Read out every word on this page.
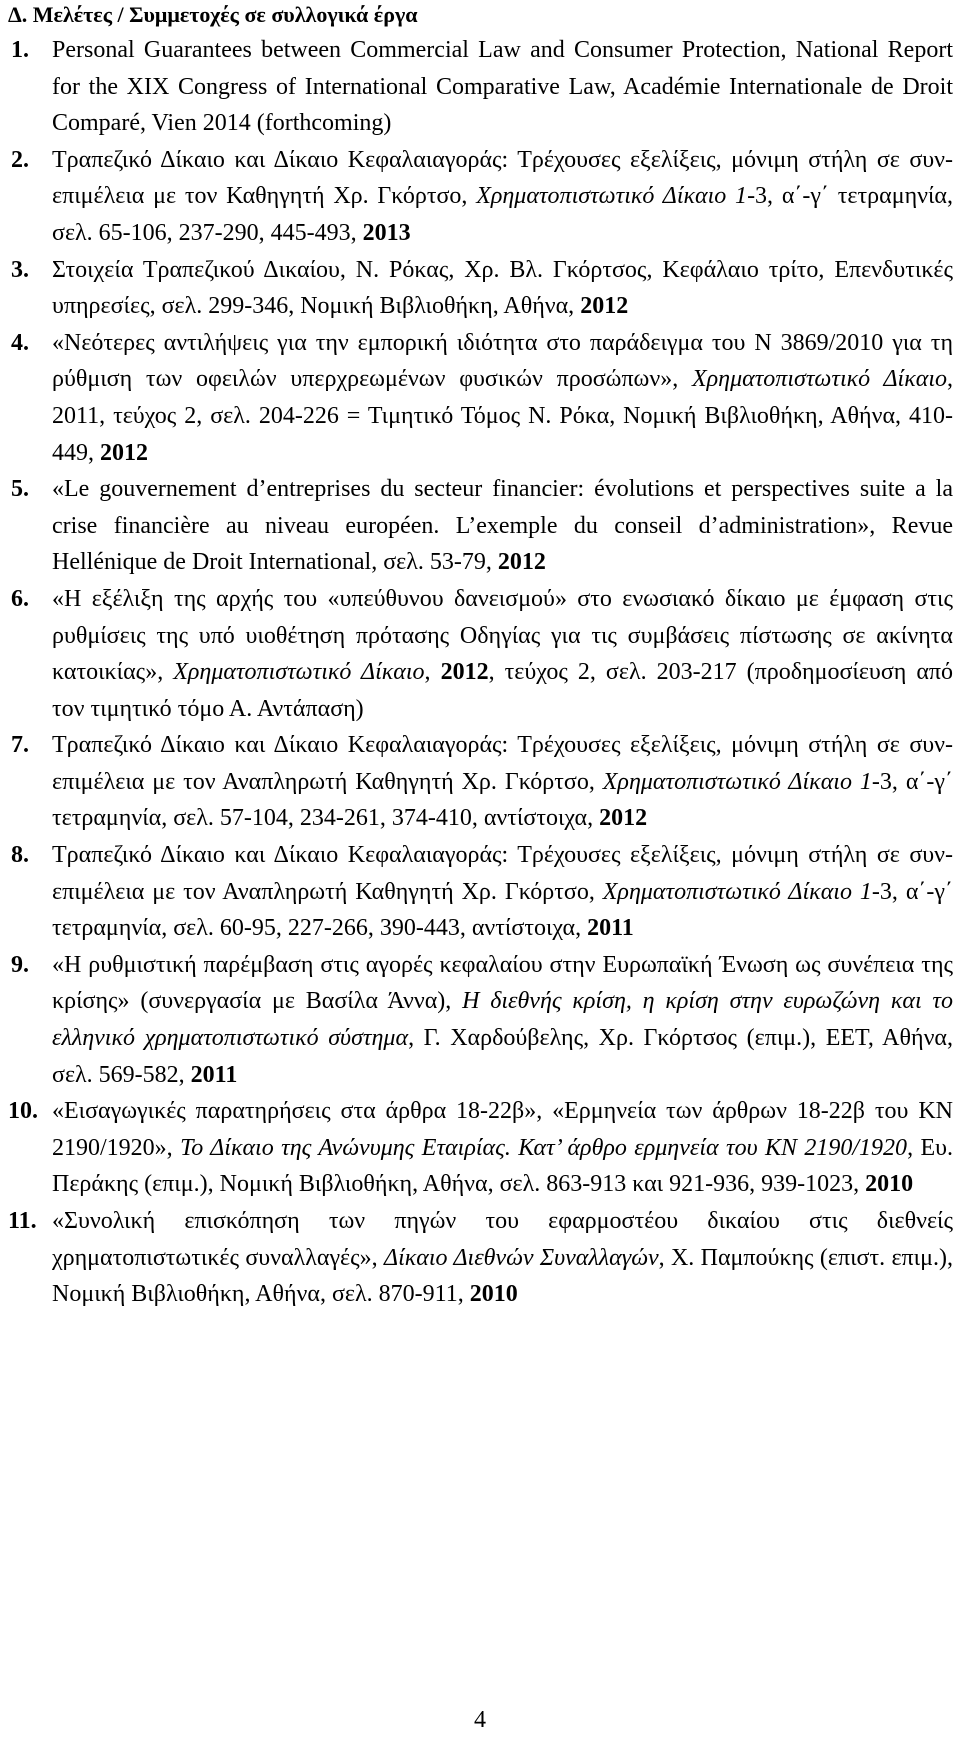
Δ. Μελέτες / Συμμετοχές σε συλλογικά έργα
1. Personal Guarantees between Commercial Law and Consumer Protection, National Report for the XIX Congress of International Comparative Law, Académie Internationale de Droit Comparé, Vien 2014 (forthcoming)
2. Τραπεζικό Δίκαιο και Δίκαιο Κεφαλαιαγοράς: Τρέχουσες εξελίξεις, μόνιμη στήλη σε συν-επιμέλεια με τον Καθηγητή Χρ. Γκόρτσο, Χρηματοπιστωτικό Δίκαιο 1-3, α΄-γ΄ τετραμηνία, σελ. 65-106, 237-290, 445-493, 2013
3. Στοιχεία Τραπεζικού Δικαίου, Ν. Ρόκας, Χρ. Βλ. Γκόρτσος, Κεφάλαιο τρίτο, Επενδυτικές υπηρεσίες, σελ. 299-346, Νομική Βιβλιοθήκη, Αθήνα, 2012
4. «Νεότερες αντιλήψεις για την εμπορική ιδιότητα στο παράδειγμα του Ν 3869/2010 για τη ρύθμιση των οφειλών υπερχρεωμένων φυσικών προσώπων», Χρηματοπιστωτικό Δίκαιο, 2011, τεύχος 2, σελ. 204-226 = Τιμητικό Τόμος Ν. Ρόκα, Νομική Βιβλιοθήκη, Αθήνα, 410-449, 2012
5. «Le gouvernement d’entreprises du secteur financier: évolutions et perspectives suite a la crise financière au niveau européen. L’exemple du conseil d’administration», Revue Hellénique de Droit International, σελ. 53-79, 2012
6. «Η εξέλιξη της αρχής του «υπεύθυνου δανεισμού» στο ενωσιακό δίκαιο με έμφαση στις ρυθμίσεις της υπό υιοθέτηση πρότασης Οδηγίας για τις συμβάσεις πίστωσης σε ακίνητα κατοικίας», Χρηματοπιστωτικό Δίκαιο, 2012, τεύχος 2, σελ. 203-217 (προδημοσίευση από τον τιμητικό τόμο Α. Αντάπαση)
7. Τραπεζικό Δίκαιο και Δίκαιο Κεφαλαιαγοράς: Τρέχουσες εξελίξεις, μόνιμη στήλη σε συν-επιμέλεια με τον Αναπληρωτή Καθηγητή Χρ. Γκόρτσο, Χρηματοπιστωτικό Δίκαιο 1-3, α΄-γ΄ τετραμηνία, σελ. 57-104, 234-261, 374-410, αντίστοιχα, 2012
8. Τραπεζικό Δίκαιο και Δίκαιο Κεφαλαιαγοράς: Τρέχουσες εξελίξεις, μόνιμη στήλη σε συν-επιμέλεια με τον Αναπληρωτή Καθηγητή Χρ. Γκόρτσο, Χρηματοπιστωτικό Δίκαιο 1-3, α΄-γ΄ τετραμηνία, σελ. 60-95, 227-266, 390-443, αντίστοιχα, 2011
9. «Η ρυθμιστική παρέμβαση στις αγορές κεφαλαίου στην Ευρωπαϊκή Ένωση ως συνέπεια της κρίσης» (συνεργασία με Βασίλα Άννα), Η διεθνής κρίση, η κρίση στην ευρωζώνη και το ελληνικό χρηματοπιστωτικό σύστημα, Γ. Χαρδούβελης, Χρ. Γκόρτσος (επιμ.), ΕΕΤ, Αθήνα, σελ. 569-582, 2011
10. «Εισαγωγικές παρατηρήσεις στα άρθρα 18-22β», «Ερμηνεία των άρθρων 18-22β του ΚΝ 2190/1920», Το Δίκαιο της Ανώνυμης Εταιρίας. Κατ’ άρθρο ερμηνεία του ΚΝ 2190/1920, Ευ. Περάκης (επιμ.), Νομική Βιβλιοθήκη, Αθήνα, σελ. 863-913 και 921-936, 939-1023, 2010
11. «Συνολική επισκόπηση των πηγών του εφαρμοστέου δικαίου στις διεθνείς χρηματοπιστωτικές συναλλαγές», Δίκαιο Διεθνών Συναλλαγών, Χ. Παμπούκης (επιστ. επιμ.), Νομική Βιβλιοθήκη, Αθήνα, σελ. 870-911, 2010
4
